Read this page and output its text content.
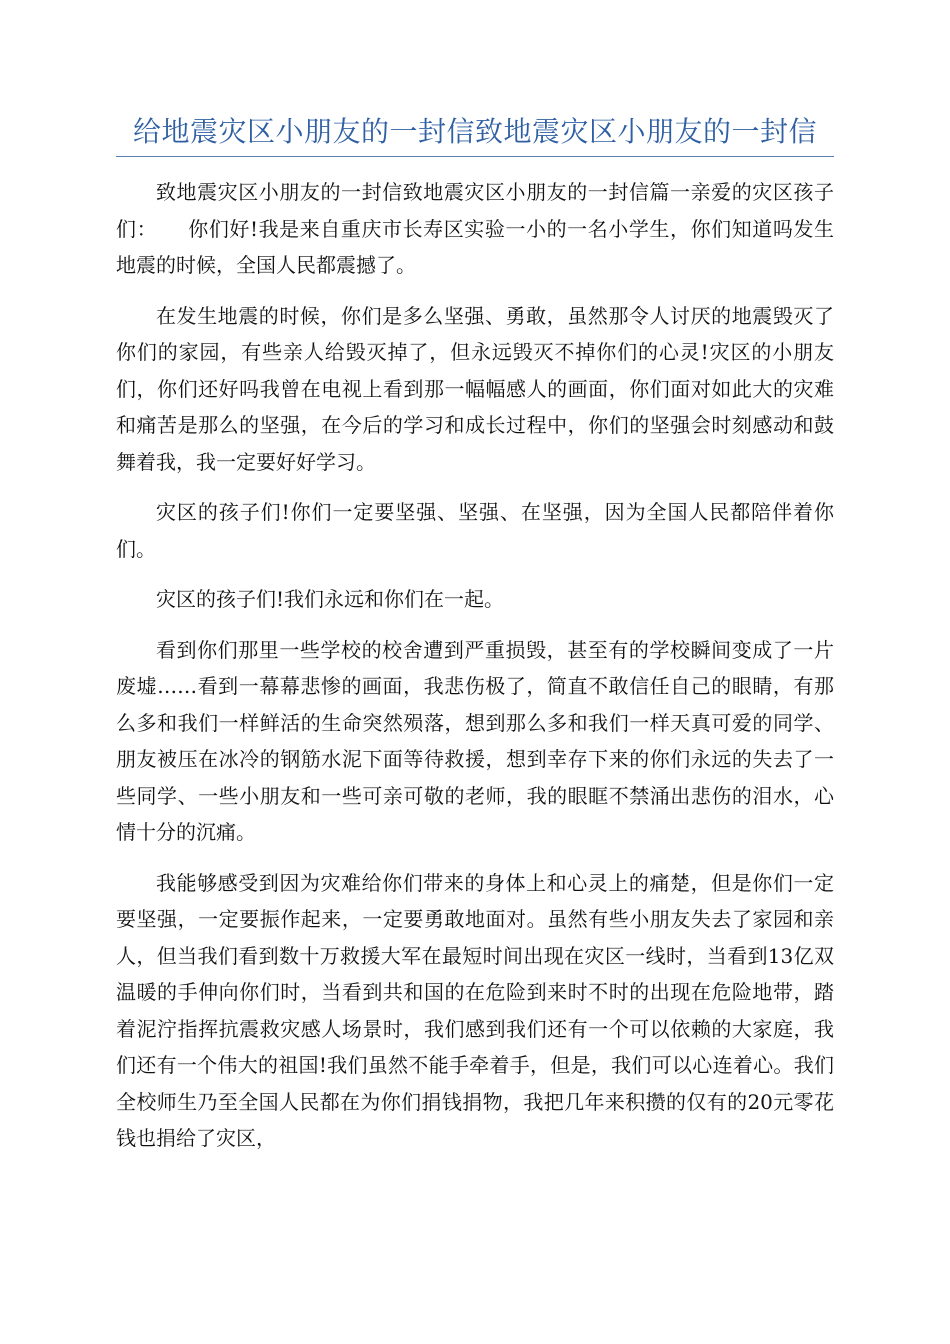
给地震灾区小朋友的一封信致地震灾区小朋友的一封信

致地震灾区小朋友的一封信致地震灾区小朋友的一封信篇一亲爱的灾区孩子们：　　你们好!我是来自重庆市长寿区实验一小的一名小学生，你们知道吗发生地震的时候，全国人民都震撼了。

在发生地震的时候，你们是多么坚强、勇敢，虽然那令人讨厌的地震毁灭了你们的家园，有些亲人给毁灭掉了，但永远毁灭不掉你们的心灵!灾区的小朋友们，你们还好吗我曾在电视上看到那一幅幅感人的画面，你们面对如此大的灾难和痛苦是那么的坚强，在今后的学习和成长过程中，你们的坚强会时刻感动和鼓舞着我，我一定要好好学习。

灾区的孩子们!你们一定要坚强、坚强、在坚强，因为全国人民都陪伴着你们。

灾区的孩子们!我们永远和你们在一起。

看到你们那里一些学校的校舍遭到严重损毁，甚至有的学校瞬间变成了一片废墟……看到一幕幕悲惨的画面，我悲伤极了，简直不敢信任自己的眼睛，有那么多和我们一样鲜活的生命突然殒落，想到那么多和我们一样天真可爱的同学、朋友被压在冰冷的钢筋水泥下面等待救援，想到幸存下来的你们永远的失去了一些同学、一些小朋友和一些可亲可敬的老师，我的眼眶不禁涌出悲伤的泪水，心情十分的沉痛。

我能够感受到因为灾难给你们带来的身体上和心灵上的痛楚，但是你们一定要坚强，一定要振作起来，一定要勇敢地面对。虽然有些小朋友失去了家园和亲人，但当我们看到数十万救援大军在最短时间出现在灾区一线时，当看到13亿双温暖的手伸向你们时，当看到共和国的在危险到来时不时的出现在危险地带，踏着泥泞指挥抗震救灾感人场景时，我们感到我们还有一个可以依赖的大家庭，我们还有一个伟大的祖国!我们虽然不能手牵着手，但是，我们可以心连着心。我们全校师生乃至全国人民都在为你们捐钱捐物，我把几年来积攒的仅有的20元零花钱也捐给了灾区，
